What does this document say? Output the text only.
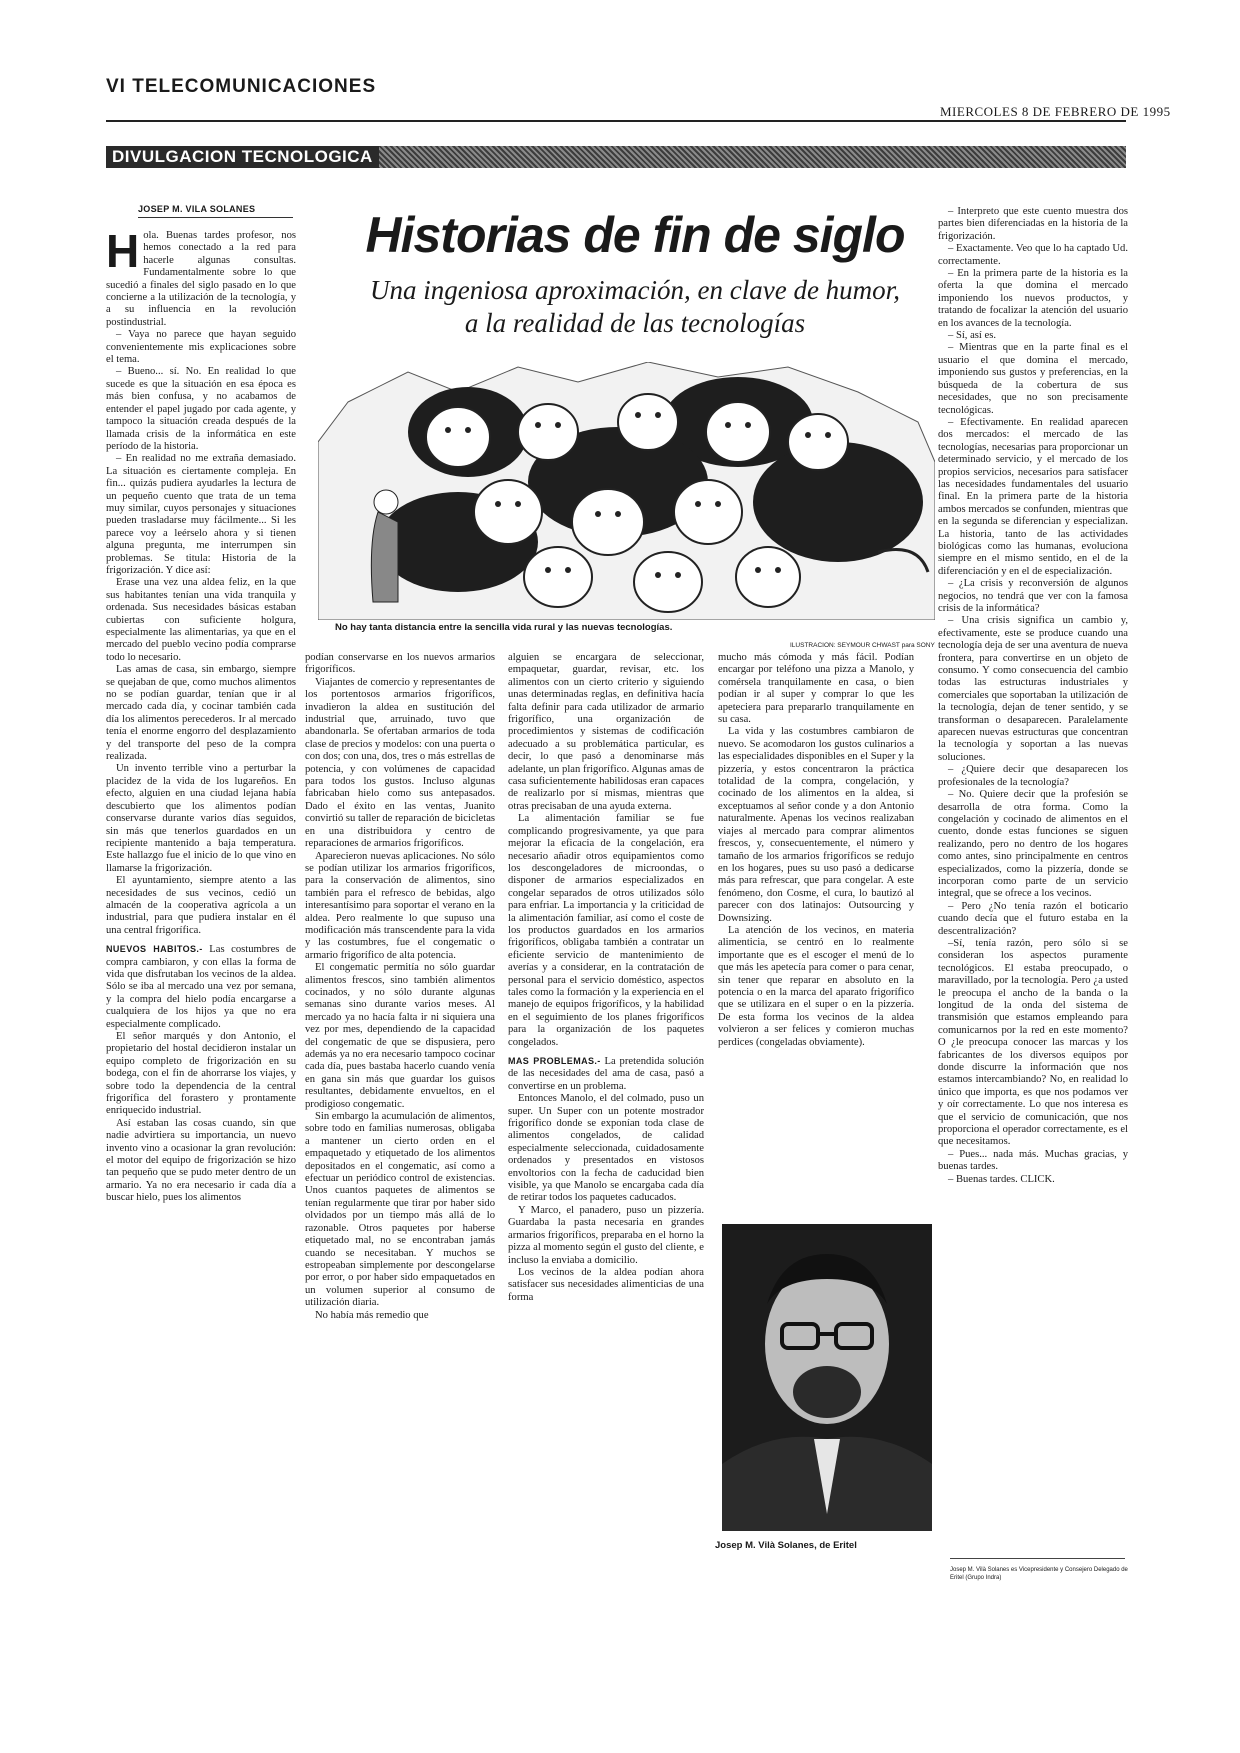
VI TELECOMUNICACIONES
MIERCOLES 8 DE FEBRERO DE 1995
DIVULGACION TECNOLOGICA
JOSEP M. VILA SOLANES	Historias de fin de siglo
Una ingeniosa aproximación, en clave de humor,
a la realidad de las tecnologías
No hay tanta distancia entre la sencilla vida rural y las nuevas tecnologías.
ILUSTRACION: SEYMOUR CHWAST para SONY

Hola. Buenas tardes profesor, nos hemos conectado a la red para hacerle algunas consultas. Fundamentalmente sobre lo que sucedió a finales del siglo pasado en lo que concierne a la utilización de la tecnología, y a su influencia en la revolución postindustrial.

– Vaya no parece que hayan seguido convenientemente mis explicaciones sobre el tema.

– Bueno... sí. No. En realidad lo que sucede es que la situación en esa época es más bien confusa, y no acabamos de entender el papel jugado por cada agente, y tampoco la situación creada después de la llamada crisis de la informática en este período de la historia.

– En realidad no me extraña demasiado. La situación es ciertamente compleja. En fin... quizás pudiera ayudarles la lectura de un pequeño cuento que trata de un tema muy similar, cuyos personajes y situaciones pueden trasladarse muy fácilmente... Si les parece voy a leérselo ahora y si tienen alguna pregunta, me interrumpen sin problemas. Se titula: Historia de la frigorización. Y dice así:

Erase una vez una aldea feliz, en la que sus habitantes tenían una vida tranquila y ordenada. Sus necesidades básicas estaban cubiertas con suficiente holgura, especialmente las alimentarias, ya que en el mercado del pueblo vecino podía comprarse todo lo necesario.

Las amas de casa, sin embargo, siempre se quejaban de que, como muchos alimentos no se podían guardar, tenían que ir al mercado cada día, y cocinar también cada día los alimentos perecederos. Ir al mercado tenía el enorme engorro del desplazamiento y del transporte del peso de la compra realizada.

Un invento terrible vino a perturbar la placidez de la vida de los lugareños. En efecto, alguien en una ciudad lejana había descubierto que los alimentos podían conservarse durante varios días seguidos, sin más que tenerlos guardados en un recipiente mantenido a baja temperatura. Este hallazgo fue el inicio de lo que vino en llamarse la frigorización.

El ayuntamiento, siempre atento a las necesidades de sus vecinos, cedió un almacén de la cooperativa agrícola a un industrial, para que pudiera instalar en él una central frigorífica.

NUEVOS HABITOS.- Las costumbres de compra cambiaron, y con ellas la forma de vida que disfrutaban los vecinos de la aldea. Sólo se iba al mercado una vez por semana, y la compra del hielo podía encargarse a cualquiera de los hijos ya que no era especialmente complicado.

El señor marqués y don Antonio, el propietario del hostal decidieron instalar un equipo completo de frigorización en su bodega, con el fin de ahorrarse los viajes, y sobre todo la dependencia de la central frigorífica del forastero y prontamente enriquecido industrial.

Así estaban las cosas cuando, sin que nadie advirtiera su importancia, un nuevo invento vino a ocasionar la gran revolución: el motor del equipo de frigorización se hizo tan pequeño que se pudo meter dentro de un armario. Ya no era necesario ir cada día a buscar hielo, pues los alimentos

podían conservarse en los nuevos armarios frigoríficos.

Viajantes de comercio y representantes de los portentosos armarios frigoríficos, invadieron la aldea en sustitución del industrial que, arruinado, tuvo que abandonarla. Se ofertaban armarios de toda clase de precios y modelos: con una puerta o con dos; con una, dos, tres o más estrellas de potencia, y con volúmenes de capacidad para todos los gustos. Incluso algunas fabricaban hielo como sus antepasados. Dado el éxito en las ventas, Juanito convirtió su taller de reparación de bicicletas en una distribuidora y centro de reparaciones de armarios frigoríficos.

Aparecieron nuevas aplicaciones. No sólo se podían utilizar los armarios frigoríficos, para la conservación de alimentos, sino también para el refresco de bebidas, algo interesantísimo para soportar el verano en la aldea. Pero realmente lo que supuso una modificación más transcendente para la vida y las costumbres, fue el congematic o armario frigorífico de alta potencia.

El congematic permitía no sólo guardar alimentos frescos, sino también alimentos cocinados, y no sólo durante algunas semanas sino durante varios meses. Al mercado ya no hacía falta ir ni siquiera una vez por mes, dependiendo de la capacidad del congematic de que se dispusiera, pero además ya no era necesario tampoco cocinar cada día, pues bastaba hacerlo cuando venía en gana sin más que guardar los guisos resultantes, debidamente envueltos, en el prodigioso congematic.

Sin embargo la acumulación de alimentos, sobre todo en familias numerosas, obligaba a mantener un cierto orden en el empaquetado y etiquetado de los alimentos depositados en el congematic, así como a efectuar un periódico control de existencias. Unos cuantos paquetes de alimentos se tenían regularmente que tirar por haber sido olvidados por un tiempo más allá de lo razonable. Otros paquetes por haberse etiquetado mal, no se encontraban jamás cuando se necesitaban. Y muchos se estropeaban simplemente por descongelarse por error, o por haber sido empaquetados en un volumen superior al consumo de utilización diaria.

No había más remedio que

alguien se encargara de seleccionar, empaquetar, guardar, revisar, etc. los alimentos con un cierto criterio y siguiendo unas determinadas reglas, en definitiva hacía falta definir para cada utilizador de armario frigorífico, una organización de procedimientos y sistemas de codificación adecuado a su problemática particular, es decir, lo que pasó a denominarse más adelante, un plan frigorífico. Algunas amas de casa suficientemente habilidosas eran capaces de realizarlo por sí mismas, mientras que otras precisaban de una ayuda externa.

La alimentación familiar se fue complicando progresivamente, ya que para mejorar la eficacia de la congelación, era necesario añadir otros equipamientos como los descongeladores de microondas, o disponer de armarios especializados en congelar separados de otros utilizados sólo para enfriar. La importancia y la criticidad de la alimentación familiar, así como el coste de los productos guardados en los armarios frigoríficos, obligaba también a contratar un eficiente servicio de mantenimiento de averías y a considerar, en la contratación de personal para el servicio doméstico, aspectos tales como la formación y la experiencia en el manejo de equipos frigoríficos, y la habilidad en el seguimiento de los planes frigoríficos para la organización de los paquetes congelados.

MAS PROBLEMAS.- La pretendida solución de las necesidades del ama de casa, pasó a convertirse en un problema.

Entonces Manolo, el del colmado, puso un super. Un Super con un potente mostrador frigorífico donde se exponían toda clase de alimentos congelados, de calidad especialmente seleccionada, cuidadosamente ordenados y presentados en vistosos envoltorios con la fecha de caducidad bien visible, ya que Manolo se encargaba cada día de retirar todos los paquetes caducados.

Y Marco, el panadero, puso un pizzería. Guardaba la pasta necesaria en grandes armarios frigoríficos, preparaba en el horno la pizza al momento según el gusto del cliente, e incluso la enviaba a domicilio.

Los vecinos de la aldea podían ahora satisfacer sus necesidades alimenticias de una forma

mucho más cómoda y más fácil. Podían encargar por teléfono una pizza a Manolo, y comérsela tranquilamente en casa, o bien podían ir al super y comprar lo que les apeteciera para prepararlo tranquilamente en su casa.

La vida y las costumbres cambiaron de nuevo. Se acomodaron los gustos culinarios a las especialidades disponibles en el Super y la pizzería, y estos concentraron la práctica totalidad de la compra, congelación, y cocinado de los alimentos en la aldea, si exceptuamos al señor conde y a don Antonio naturalmente. Apenas los vecinos realizaban viajes al mercado para comprar alimentos frescos, y, consecuentemente, el número y tamaño de los armarios frigoríficos se redujo en los hogares, pues su uso pasó a dedicarse más para refrescar, que para congelar. A este fenómeno, don Cosme, el cura, lo bautizó al parecer con dos latinajos: Outsourcing y Downsizing.

La atención de los vecinos, en materia alimenticia, se centró en lo realmente importante que es el escoger el menú de lo que más les apetecía para comer o para cenar, sin tener que reparar en absoluto en la potencia o en la marca del aparato frigorífico que se utilizara en el super o en la pizzería. De esta forma los vecinos de la aldea volvieron a ser felices y comieron muchas perdices (congeladas obviamente).

Josep M. Vilà Solanes, de Eritel

– Interpreto que este cuento muestra dos partes bien diferenciadas en la historia de la frigorización.

– Exactamente. Veo que lo ha captado Ud. correctamente.

– En la primera parte de la historia es la oferta la que domina el mercado imponiendo los nuevos productos, y tratando de focalizar la atención del usuario en los avances de la tecnología.

– Sí, así es.

– Mientras que en la parte final es el usuario el que domina el mercado, imponiendo sus gustos y preferencias, en la búsqueda de la cobertura de sus necesidades, que no son precisamente tecnológicas.

– Efectivamente. En realidad aparecen dos mercados: el mercado de las tecnologías, necesarias para proporcionar un determinado servicio, y el mercado de los propios servicios, necesarios para satisfacer las necesidades fundamentales del usuario final. En la primera parte de la historia ambos mercados se confunden, mientras que en la segunda se diferencian y especializan. La historia, tanto de las actividades biológicas como las humanas, evoluciona siempre en el mismo sentido, en el de la diferenciación y en el de especialización.

– ¿La crisis y reconversión de algunos negocios, no tendrá que ver con la famosa crisis de la informática?

– Una crisis significa un cambio y, efectivamente, este se produce cuando una tecnología deja de ser una aventura de nueva frontera, para convertirse en un objeto de consumo. Y como consecuencia del cambio todas las estructuras industriales y comerciales que soportaban la utilización de la tecnología, dejan de tener sentido, y se transforman o desaparecen. Paralelamente aparecen nuevas estructuras que concentran la tecnología y soportan a las nuevas soluciones.

– ¿Quiere decir que desaparecen los profesionales de la tecnología?

– No. Quiere decir que la profesión se desarrolla de otra forma. Como la congelación y cocinado de alimentos en el cuento, donde estas funciones se siguen realizando, pero no dentro de los hogares como antes, sino principalmente en centros especializados, como la pizzería, donde se incorporan como parte de un servicio integral, que se ofrece a los vecinos.

– Pero ¿No tenía razón el boticario cuando decía que el futuro estaba en la descentralización?

–Sí, tenía razón, pero sólo si se consideran los aspectos puramente tecnológicos. El estaba preocupado, o maravillado, por la tecnología. Pero ¿a usted le preocupa el ancho de la banda o la longitud de la onda del sistema de transmisión que estamos empleando para comunicarnos por la red en este momento? O ¿le preocupa conocer las marcas y los fabricantes de los diversos equipos por donde discurre la información que nos estamos intercambiando? No, en realidad lo único que importa, es que nos podamos ver y oír correctamente. Lo que nos interesa es que el servicio de comunicación, que nos proporciona el operador correctamente, es el que necesitamos.

– Pues... nada más. Muchas gracias, y buenas tardes.

– Buenas tardes. CLICK.

Josep M. Vilà Solanes es Vicepresidente y Consejero Delegado de Eritel (Grupo Indra)
